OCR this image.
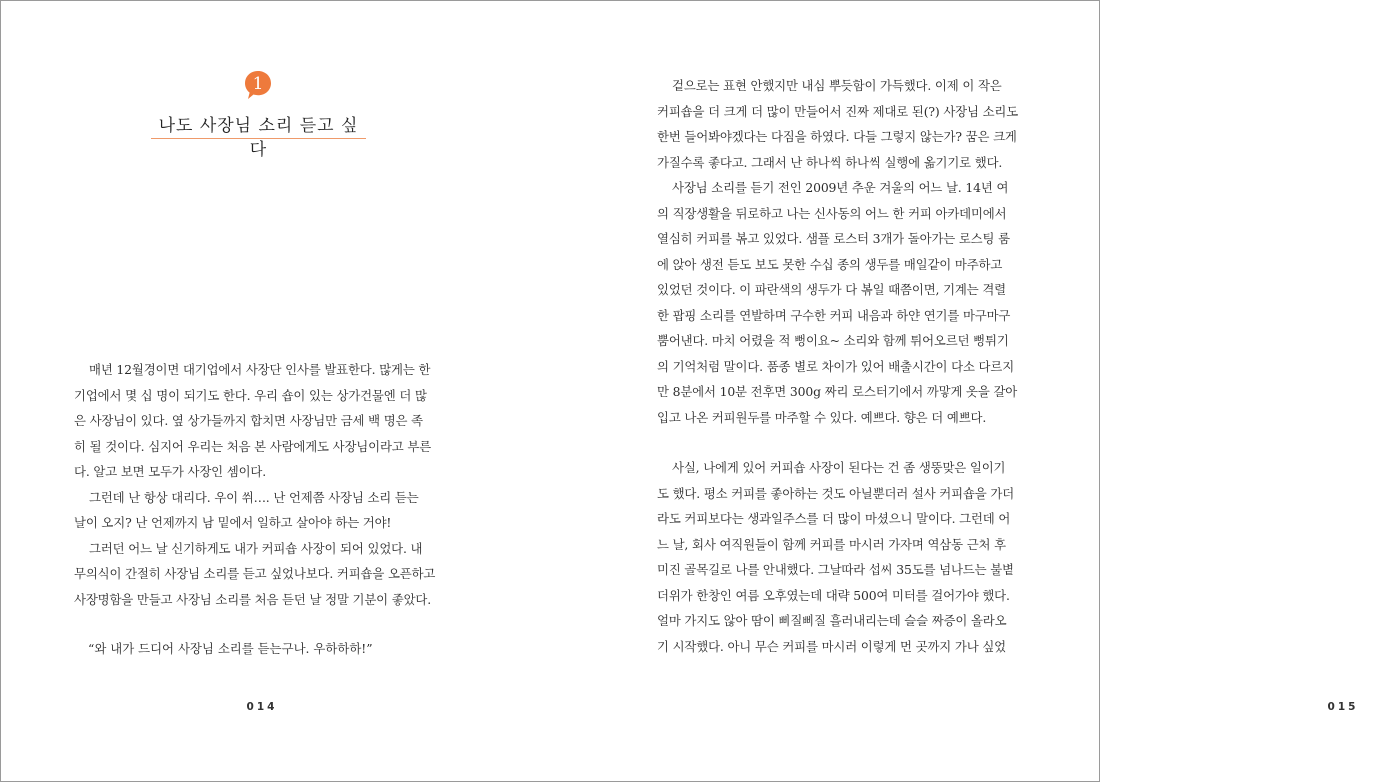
1
나도 사장님 소리 듣고 싶다
매년 12월경이면 대기업에서 사장단 인사를 발표한다. 많게는 한
기업에서 몇 십 명이 되기도 한다. 우리 숍이 있는 상가건물엔 더 많
은 사장님이 있다. 옆 상가들까지 합치면 사장님만 금세 백 명은 족
히 될 것이다. 심지어 우리는 처음 본 사람에게도 사장님이라고 부른
다. 알고 보면 모두가 사장인 셈이다.
그런데 난 항상 대리다. 우이 쒸…. 난 언제쯤 사장님 소리 듣는
날이 오지? 난 언제까지 남 밑에서 일하고 살아야 하는 거야!
그러던 어느 날 신기하게도 내가 커피숍 사장이 되어 있었다. 내
무의식이 간절히 사장님 소리를 듣고 싶었나보다. 커피숍을 오픈하고
사장명함을 만들고 사장님 소리를 처음 듣던 날 정말 기분이 좋았다.
“와 내가 드디어 사장님 소리를 듣는구나. 우하하하!”
014
겉으로는 표현 안했지만 내심 뿌듯함이 가득했다. 이제 이 작은
커피숍을 더 크게 더 많이 만들어서 진짜 제대로 된(?) 사장님 소리도
한번 들어봐야겠다는 다짐을 하였다. 다들 그렇지 않는가? 꿈은 크게
가질수록 좋다고. 그래서 난 하나씩 하나씩 실행에 옮기기로 했다.
사장님 소리를 듣기 전인 2009년 추운 겨울의 어느 날. 14년 여
의 직장생활을 뒤로하고 나는 신사동의 어느 한 커피 아카데미에서
열심히 커피를 볶고 있었다. 샘플 로스터 3개가 돌아가는 로스팅 룸
에 앉아 생전 듣도 보도 못한 수십 종의 생두를 매일같이 마주하고
있었던 것이다. 이 파란색의 생두가 다 볶일 때쯤이면, 기계는 격렬
한 팝핑 소리를 연발하며 구수한 커피 내음과 하얀 연기를 마구마구
뿜어낸다. 마치 어렸을 적 뻥이요~ 소리와 함께 튀어오르던 뻥튀기
의 기억처럼 말이다. 품종 별로 차이가 있어 배출시간이 다소 다르지
만 8분에서 10분 전후면 300g 짜리 로스터기에서 까맣게 옷을 갈아
입고 나온 커피원두를 마주할 수 있다. 예쁘다. 향은 더 예쁘다.
사실, 나에게 있어 커피숍 사장이 된다는 건 좀 생뚱맞은 일이기
도 했다. 평소 커피를 좋아하는 것도 아닐뿐더러 설사 커피숍을 가더
라도 커피보다는 생과일주스를 더 많이 마셨으니 말이다. 그런데 어
느 날, 회사 여직원들이 함께 커피를 마시러 가자며 역삼동 근처 후
미진 골목길로 나를 안내했다. 그날따라 섭씨 35도를 넘나드는 불볕
더위가 한창인 여름 오후였는데 대략 500여 미터를 걸어가야 했다.
얼마 가지도 않아 땀이 삐질삐질 흘러내리는데 슬슬 짜증이 올라오
기 시작했다. 아니 무슨 커피를 마시러 이렇게 먼 곳까지 가나 싶었
015
